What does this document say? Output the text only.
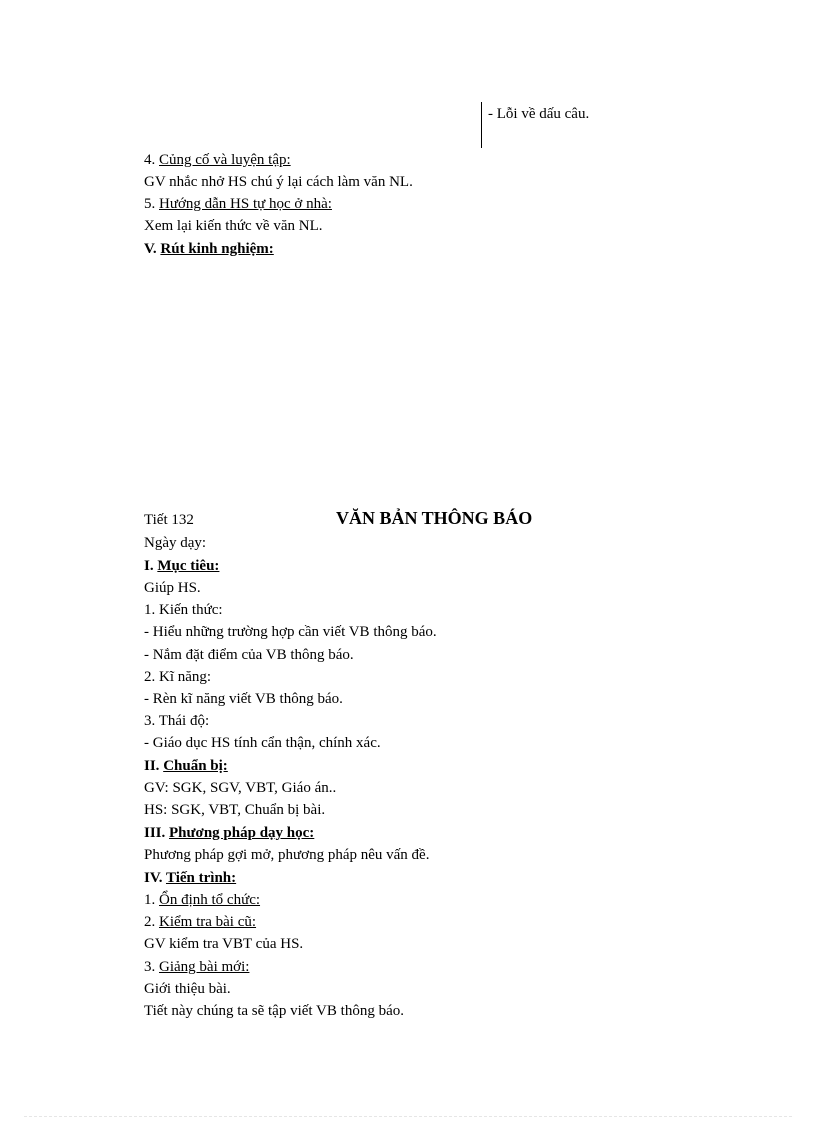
- Lỗi về dấu câu.
4. Củng cố và luyện tập:
GV nhắc nhở HS chú ý lại cách làm văn NL.
5. Hướng dẫn HS tự học ở nhà:
Xem lại kiến thức về văn NL.
V. Rút kinh nghiệm:
Tiết 132	VĂN BẢN THÔNG BÁO
Ngày dạy:
I. Mục tiêu:
Giúp HS.
1. Kiến thức:
- Hiểu những trường hợp cần viết VB thông báo.
- Nắm đặt điểm của VB thông báo.
2. Kĩ năng:
- Rèn kĩ năng viết VB thông báo.
3. Thái độ:
- Giáo dục HS tính cẩn thận, chính xác.
II. Chuẩn bị:
GV: SGK, SGV, VBT, Giáo án..
HS: SGK, VBT, Chuẩn bị bài.
III. Phương pháp dạy học:
Phương pháp gợi mở, phương pháp nêu vấn đề.
IV. Tiến trình:
1. Ổn định tổ chức:
2. Kiểm tra bài cũ:
GV kiểm tra VBT của HS.
3. Giảng bài mới:
Giới thiệu bài.
Tiết này chúng ta sẽ tập viết VB thông báo.
